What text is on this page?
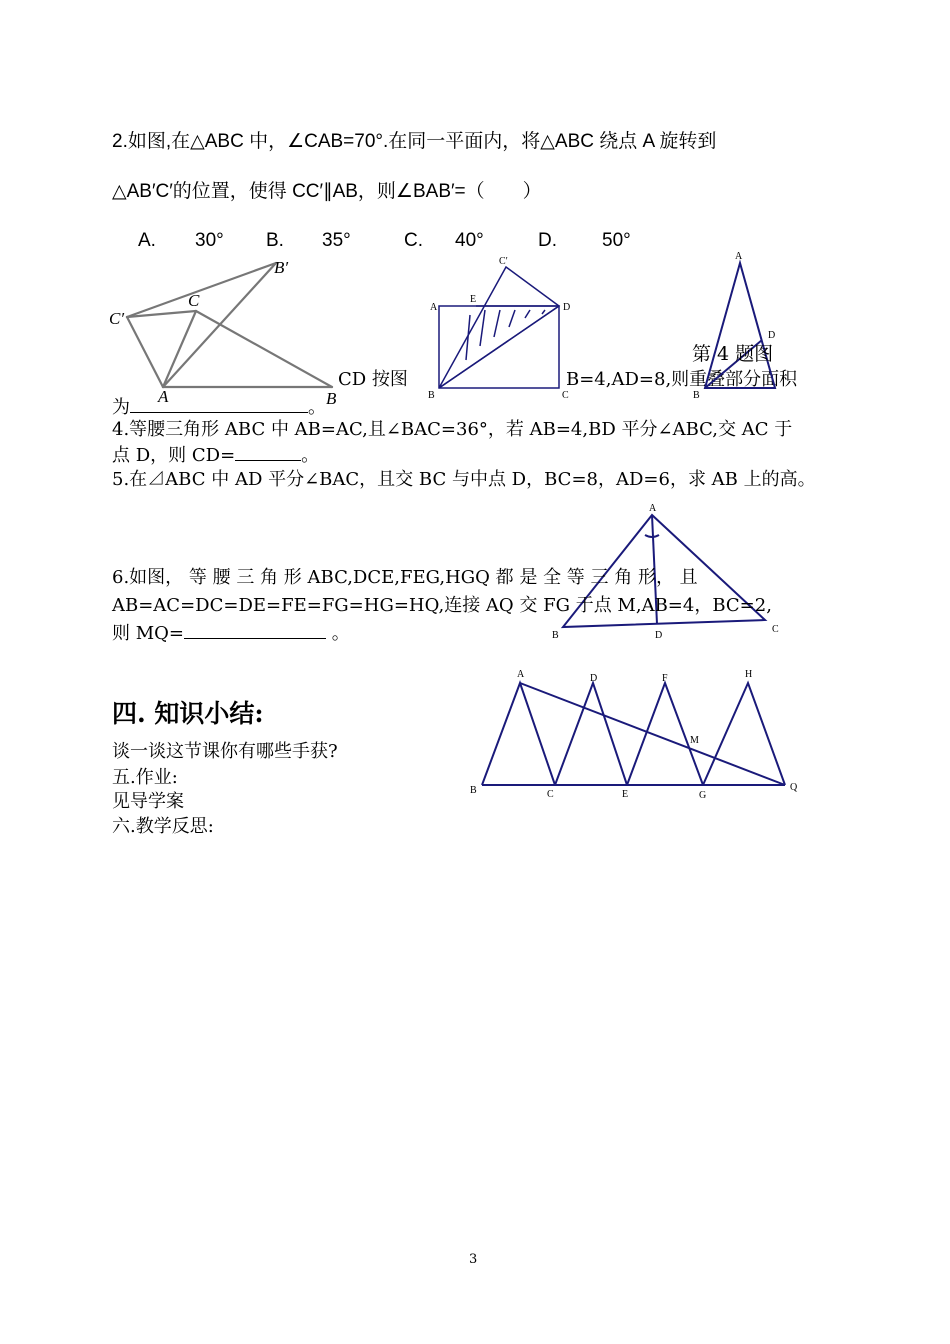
2.如图,在△ABC 中，∠CAB=70°.在同一平面内，将△ABC 绕点 A 旋转到
△AB′C′的位置，使得 CC′∥AB，则∠BAB′=（　　）
A. 30° B. 35°	C. 40°	D. 50°
CD 按图	B=4,AD=8,则重叠部分面积
为	。
A	B
C
C′
B′
A
B	C
D
E
C′	A
B
D
第 4 题图
4.等腰三角形 ABC 中 AB=AC,且∠BAC=36°，若 AB=4,BD 平分∠ABC,交 AC 于
点 D，则 CD=	。
5.在⊿ABC 中 AD 平分∠BAC，且交 BC 与中点 D，BC=8，AD=6，求 AB 上的高。
A
B
C
D
6.如图， 等 腰 三 角 形 ABC,DCE,FEG,HGQ 都 是 全 等 三 角 形， 且
AB=AC=DC=DE=FE=FG=HG=HQ,连接 AQ 交 FG 于点 M,AB=4，BC=2,
则 MQ=	。
A
B	C
D
E
F
G
H
M
Q
四. 知识小结:
谈一谈这节课你有哪些手获?
五.作业:
见导学案
六.教学反思:
3
